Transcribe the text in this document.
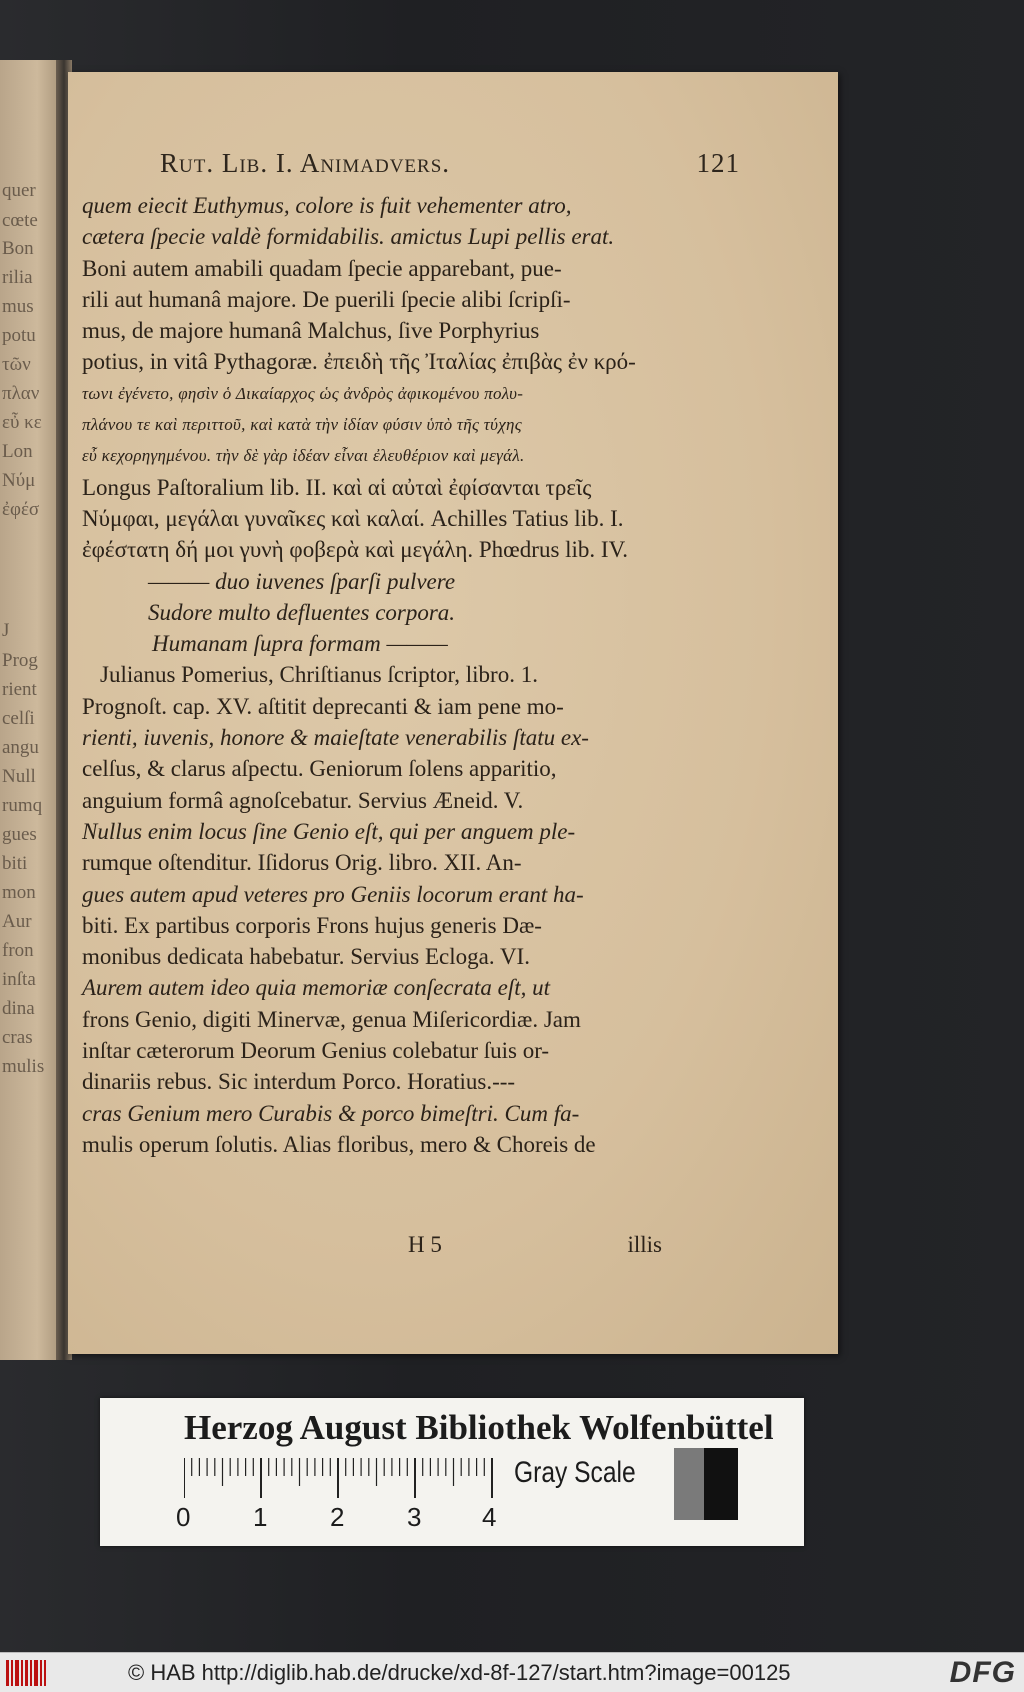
quer
cœte
Bon
rilia
mus
potu
τῶν
πλαν
εὖ κε
Lon
Νύμ
ἐφέσ
J
Prog
rient
celſi
angu
Null
rumq
gues
biti
mon
Aur
fron
inſta
dina
cras
mulis
Rut. Lib. I. Animadvers.	121
quem eiecit Euthymus, colore is fuit vehementer atro,
cætera ſpecie valdè formidabilis. amictus Lupi pellis erat.
Boni autem amabili quadam ſpecie apparebant, pue-
rili aut humanâ majore. De puerili ſpecie alibi ſcripſi-
mus, de majore humanâ Malchus, ſive Porphyrius
potius, in vitâ Pythagoræ. ἐπειδὴ τῆς Ἰταλίας ἐπιβὰς ἐν κρό-
τωνι ἐγένετο, φησὶν ὁ Δικαίαρχος ὡς ἀνδρὸς ἀφικομένου πολυ-
πλάνου τε καὶ περιττοῦ, καὶ κατὰ τὴν ἰδίαν φύσιν ὑπὸ τῆς τύχης
εὖ κεχορηγημένου. τὴν δὲ γὰρ ἰδέαν εἶναι ἐλευθέριον καὶ μεγάλ.
Longus Paſtoralium lib. II. καὶ αἱ αὐταὶ ἐφίσανται τρεῖς
Νύμφαι, μεγάλαι γυναῖκες καὶ καλαί. Achilles Tatius lib. I.
ἐφέστατη δή μοι γυνὴ φοβερὰ καὶ μεγάλη. Phœdrus lib. IV.
——— duo iuvenes ſparſi pulvere
Sudore multo defluentes corpora.
Humanam ſupra formam ———
Julianus Pomerius, Chriſtianus ſcriptor, libro. 1.
Prognoſt. cap. XV. aſtitit deprecanti & iam pene mo-
rienti, iuvenis, honore & maieſtate venerabilis ſtatu ex-
celſus, & clarus aſpectu. Geniorum ſolens apparitio,
anguium formâ agnoſcebatur. Servius Æneid. V.
Nullus enim locus ſine Genio eſt, qui per anguem ple-
rumque oſtenditur. Iſidorus Orig. libro. XII. An-
gues autem apud veteres pro Geniis locorum erant ha-
biti. Ex partibus corporis Frons hujus generis Dæ-
monibus dedicata habebatur. Servius Ecloga. VI.
Aurem autem ideo quia memoriæ conſecrata eſt, ut
frons Genio, digiti Minervæ, genua Miſericordiæ. Jam
inſtar cæterorum Deorum Genius colebatur ſuis or-
dinariis rebus. Sic interdum Porco. Horatius.---
cras Genium mero Curabis & porco bimeſtri. Cum fa-
mulis operum ſolutis. Alias floribus, mero & Choreis de
H 5	illis
Herzog August Bibliothek Wolfenbüttel
0 1 2 3 4
Gray Scale
© HAB http://diglib.hab.de/drucke/xd-8f-127/start.htm?image=00125	DFG
